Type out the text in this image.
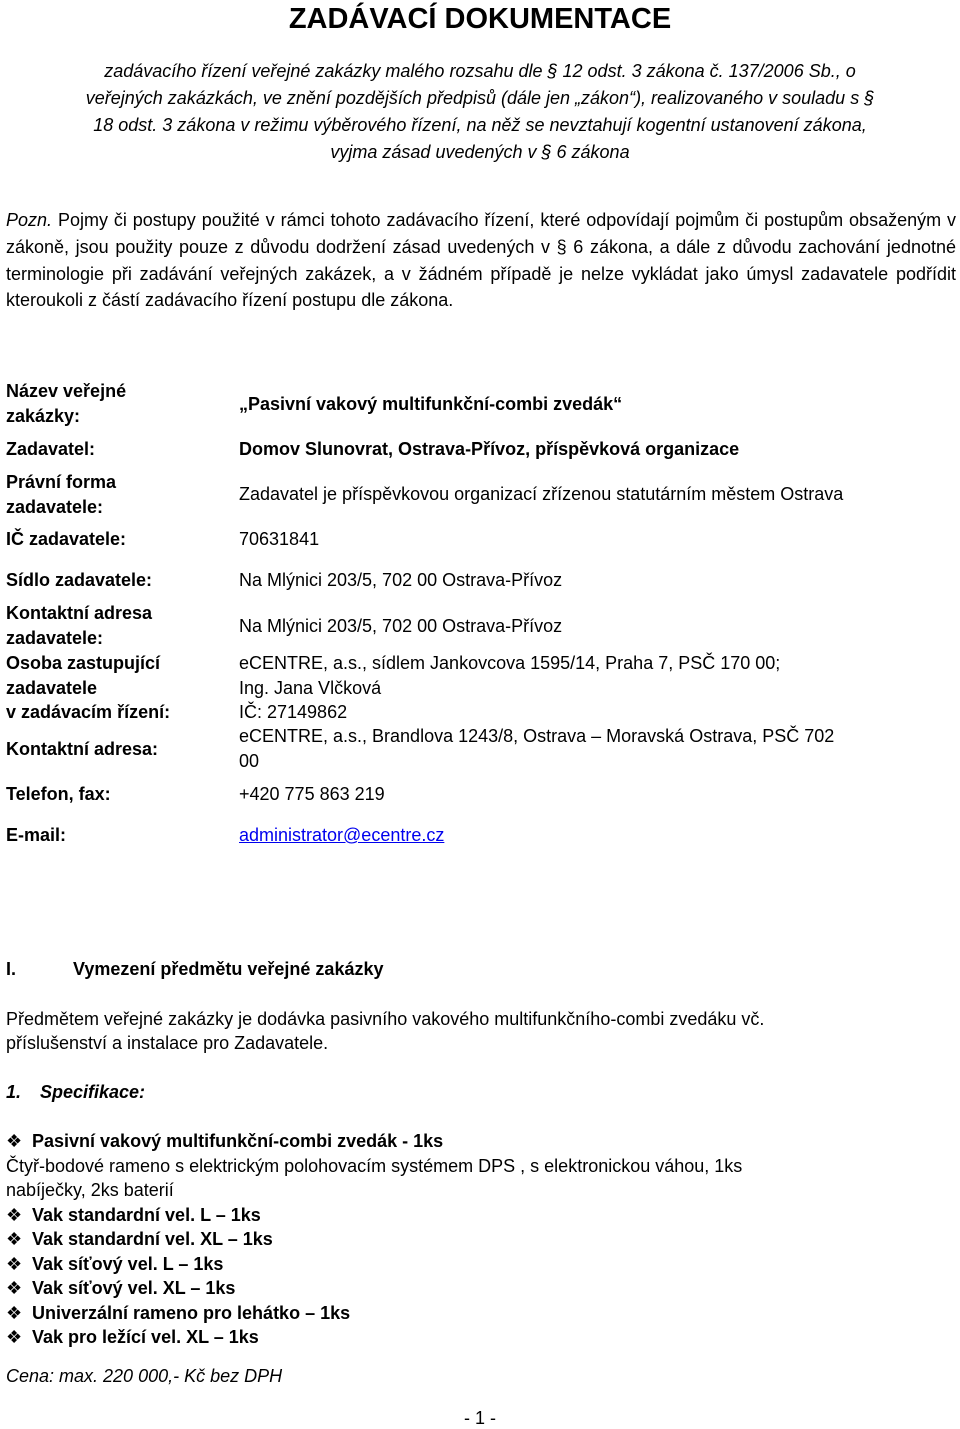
ZADÁVACÍ DOKUMENTACE
zadávacího řízení veřejné zakázky malého rozsahu dle § 12 odst. 3 zákona č. 137/2006 Sb., o
veřejných zakázkách, ve znění pozdějších předpisů (dále jen „zákon“), realizovaného v souladu s §
18 odst. 3 zákona v režimu výběrového řízení, na něž se nevztahují kogentní ustanovení zákona,
vyjma zásad uvedených v § 6 zákona
Pozn. Pojmy či postupy použité v rámci tohoto zadávacího řízení, které odpovídají pojmům či postupům obsaženým v zákoně, jsou použity pouze z důvodu dodržení zásad uvedených v § 6 zákona, a dále z důvodu zachování jednotné terminologie při zadávání veřejných zakázek, a v žádném případě je nelze vykládat jako úmysl zadavatele podřídit kteroukoli z částí zadávacího řízení postupu dle zákona.
Název veřejné
zakázky:
„Pasivní vakový multifunkční-combi zvedák“
Zadavatel:	Domov Slunovrat, Ostrava-Přívoz, příspěvková organizace
Právní forma
zadavatele:
Zadavatel je příspěvkovou organizací zřízenou statutárním městem Ostrava
IČ zadavatele:	70631841
Sídlo zadavatele:	Na Mlýnici 203/5, 702 00 Ostrava-Přívoz
Kontaktní adresa
zadavatele:
Na Mlýnici 203/5, 702 00 Ostrava-Přívoz
Osoba zastupující
zadavatele
v zadávacím řízení:
eCENTRE, a.s., sídlem Jankovcova 1595/14, Praha 7, PSČ 170 00;
Ing. Jana Vlčková
IČ: 27149862
Kontaktní adresa:
eCENTRE, a.s., Brandlova 1243/8, Ostrava – Moravská Ostrava, PSČ 702
00
Telefon, fax:	+420 775 863 219
E-mail:	administrator@ecentre.cz
I.	Vymezení předmětu veřejné zakázky
Předmětem veřejné zakázky je dodávka pasivního vakového multifunkčního-combi zvedáku vč.
příslušenství a instalace pro Zadavatele.
1. Specifikace:
❖ Pasivní vakový multifunkční-combi zvedák - 1ks
Čtyř-bodové rameno s elektrickým polohovacím systémem DPS , s elektronickou váhou, 1ks
nabíječky, 2ks baterií
❖ Vak standardní vel. L – 1ks
❖ Vak standardní vel. XL – 1ks
❖ Vak síťový vel. L – 1ks
❖ Vak síťový vel. XL – 1ks
❖ Univerzální rameno pro lehátko – 1ks
❖ Vak pro ležící vel. XL – 1ks
Cena: max. 220 000,- Kč bez DPH
- 1 -
